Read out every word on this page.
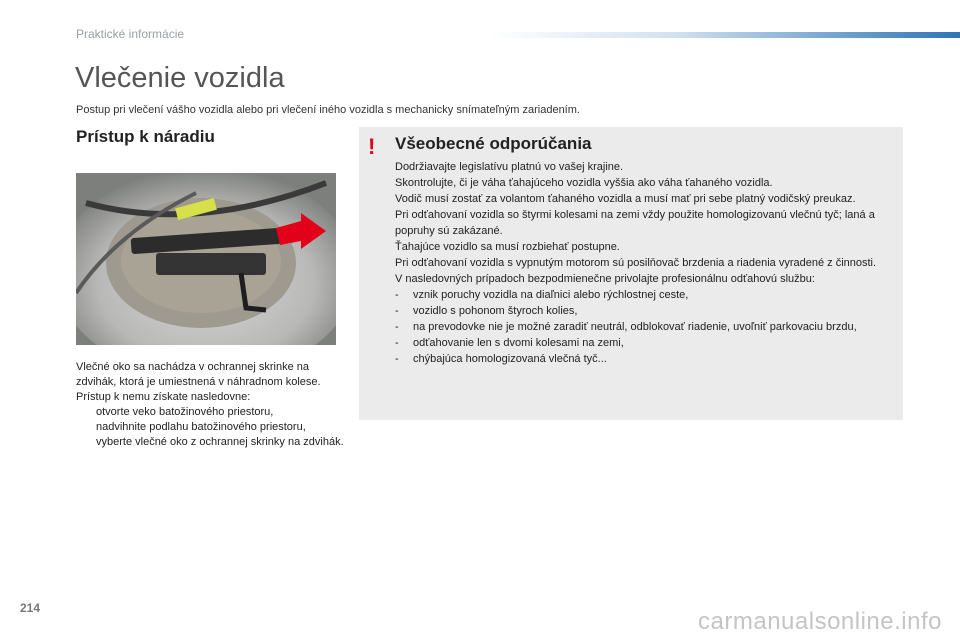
Praktické informácie
Vlečenie vozidla
Postup pri vlečení vášho vozidla alebo pri vlečení iného vozidla s mechanicky snímateľným zariadením.
Prístup k náradiu

Vlečné oko sa nachádza v ochrannej skrinke na zdvihák, ktorá je umiestnená v náhradnom kolese.

Prístup k nemu získate nasledovne:

otvorte veko batožinového priestoru,
nadvihnite podlahu batožinového priestoru,
vyberte vlečné oko z ochrannej skrinky na zdvihák.
! Všeobecné odporúčania

Dodržiavajte legislatívu platnú vo vašej krajine.

Skontrolujte, či je váha ťahajúceho vozidla vyššia ako váha ťahaného vozidla.

Vodič musí zostať za volantom ťahaného vozidla a musí mať pri sebe platný vodičský preukaz.

Pri odťahovaní vozidla so štyrmi kolesami na zemi vždy použite homologizovanú vlečnú tyč; laná a popruhy sú zakázané.

Ťahajúce vozidlo sa musí rozbiehať postupne.

Pri odťahovaní vozidla s vypnutým motorom sú posilňovač brzdenia a riadenia vyradené z činnosti.

V nasledovných prípadoch bezpodmienečne privolajte profesionálnu odťahovú službu:

- vznik poruchy vozidla na diaľnici alebo rýchlostnej ceste,
- vozidlo s pohonom štyroch kolies,
- na prevodovke nie je možné zaradiť neutrál, odblokovať riadenie, uvoľniť parkovaciu brzdu,
- odťahovanie len s dvomi kolesami na zemi,
- chýbajúca homologizovaná vlečná tyč...
214	carmanualsonline.info
